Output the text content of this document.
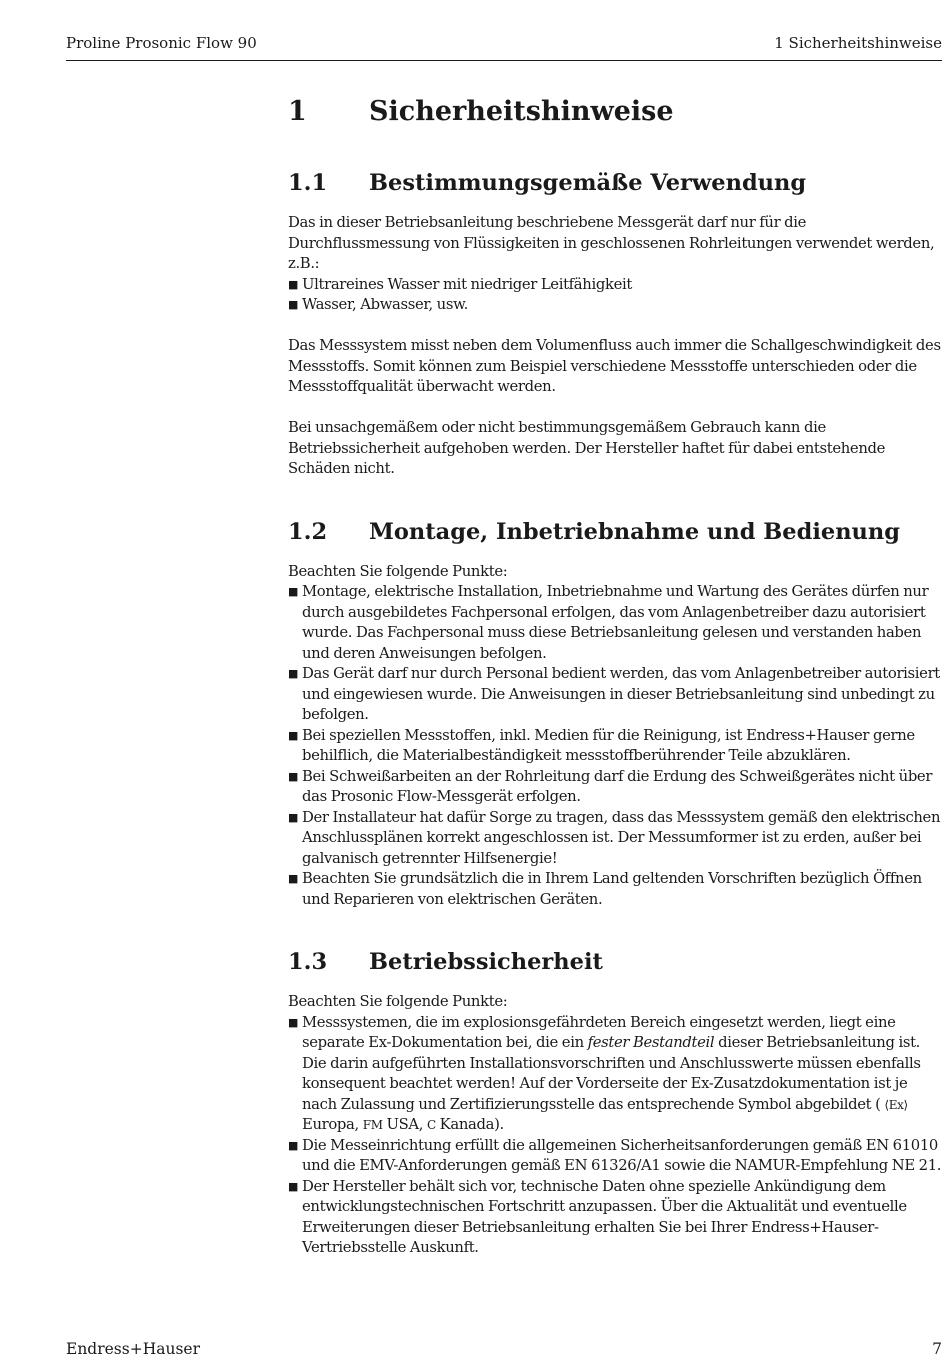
Proline Prosonic Flow 90	1 Sicherheitshinweise
1	Sicherheitshinweise
1.1	Bestimmungsgemäße Verwendung

Das in dieser Betriebsanleitung beschriebene Messgerät darf nur für die Durchflussmessung von Flüssigkeiten in geschlossenen Rohrleitungen verwendet werden, z.B.:

■ Ultrareines Wasser mit niedriger Leitfähigkeit
■ Wasser, Abwasser, usw.

Das Messsystem misst neben dem Volumenfluss auch immer die Schallgeschwindigkeit des Messstoffs. Somit können zum Beispiel verschiedene Messstoffe unterschieden oder die Messstoffqualität überwacht werden.

Bei unsachgemäßem oder nicht bestimmungsgemäßem Gebrauch kann die Betriebssicherheit aufgehoben werden. Der Hersteller haftet für dabei entstehende Schäden nicht.

1.2	Montage, Inbetriebnahme und Bedienung

Beachten Sie folgende Punkte:

■ Montage, elektrische Installation, Inbetriebnahme und Wartung des Gerätes dürfen nur durch ausgebildetes Fachpersonal erfolgen, das vom Anlagenbetreiber dazu autorisiert wurde. Das Fachpersonal muss diese Betriebsanleitung gelesen und verstanden haben und deren Anweisungen befolgen.
■ Das Gerät darf nur durch Personal bedient werden, das vom Anlagenbetreiber autorisiert und eingewiesen wurde. Die Anweisungen in dieser Betriebsanleitung sind unbedingt zu befolgen.
■ Bei speziellen Messstoffen, inkl. Medien für die Reinigung, ist Endress+Hauser gerne behilflich, die Materialbeständigkeit messstoffberührender Teile abzuklären.
■ Bei Schweißarbeiten an der Rohrleitung darf die Erdung des Schweißgerätes nicht über das Prosonic Flow-Messgerät erfolgen.
■ Der Installateur hat dafür Sorge zu tragen, dass das Messsystem gemäß den elektrischen Anschlussplänen korrekt angeschlossen ist. Der Messumformer ist zu erden, außer bei galvanisch getrennter Hilfsenergie!
■ Beachten Sie grundsätzlich die in Ihrem Land geltenden Vorschriften bezüglich Öffnen und Reparieren von elektrischen Geräten.
1.3	Betriebssicherheit

Beachten Sie folgende Punkte:

■ Messsystemen, die im explosionsgefährdeten Bereich eingesetzt werden, liegt eine separate Ex-Dokumentation bei, die ein fester Bestandteil dieser Betriebsanleitung ist. Die darin aufgeführten Installationsvorschriften und Anschlusswerte müssen ebenfalls konsequent beachtet werden! Auf der Vorderseite der Ex-Zusatzdokumentation ist je nach Zulassung und Zertifizierungsstelle das entsprechende Symbol abgebildet ( ⟨Ex⟩ Europa, FM USA, C Kanada).
■ Die Messeinrichtung erfüllt die allgemeinen Sicherheitsanforderungen gemäß EN 61010 und die EMV-Anforderungen gemäß EN 61326/A1 sowie die NAMUR-Empfehlung NE 21.
■ Der Hersteller behält sich vor, technische Daten ohne spezielle Ankündigung dem entwicklungstechnischen Fortschritt anzupassen. Über die Aktualität und eventuelle Erweiterungen dieser Betriebsanleitung erhalten Sie bei Ihrer Endress+Hauser-Vertriebsstelle Auskunft.
Endress+Hauser	7
